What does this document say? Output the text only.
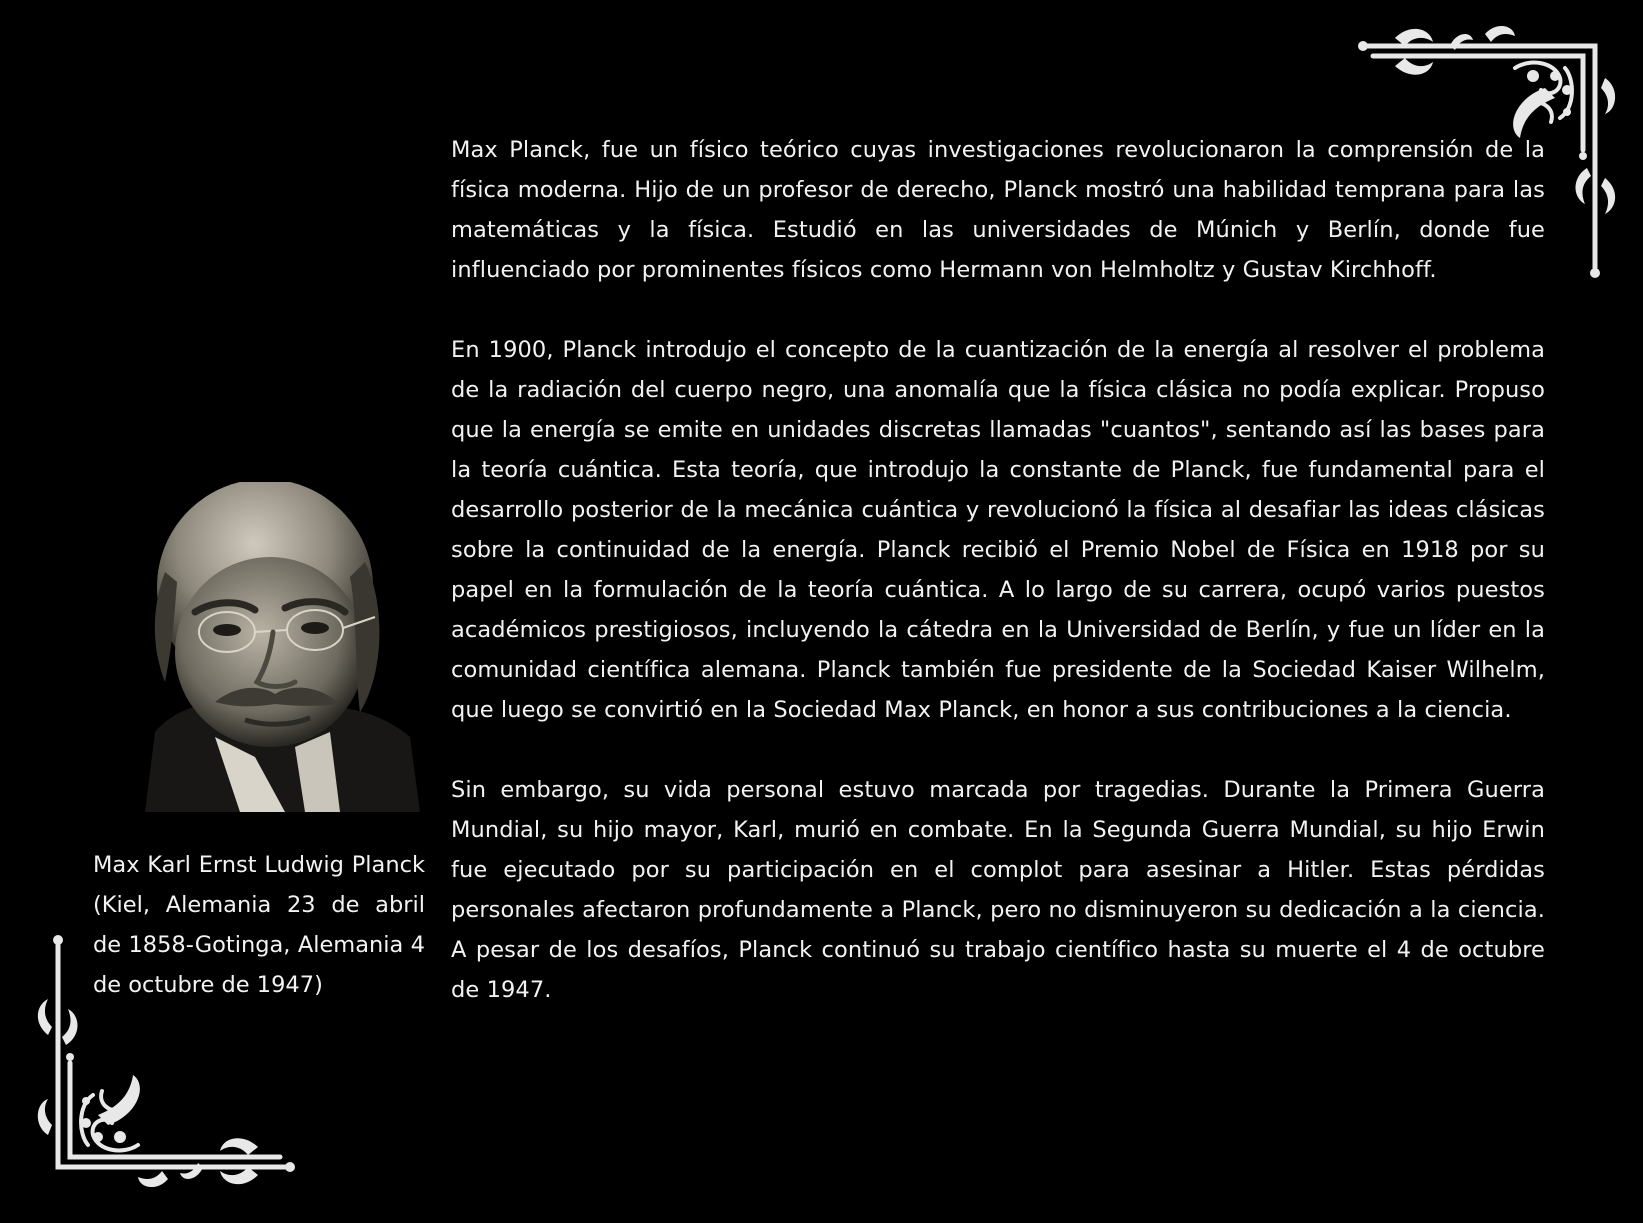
Max Karl Ernst Ludwig Planck (Kiel, Alemania 23 de abril de 1858-Gotinga, Alemania 4 de octubre de 1947)

Max Planck, fue un físico teórico cuyas investigaciones revolucionaron la comprensión de la física moderna. Hijo de un profesor de derecho, Planck mostró una habilidad temprana para las matemáticas y la física. Estudió en las universidades de Múnich y Berlín, donde fue influenciado por prominentes físicos como Hermann von Helmholtz y Gustav Kirchhoff.

En 1900, Planck introdujo el concepto de la cuantización de la energía al resolver el problema de la radiación del cuerpo negro, una anomalía que la física clásica no podía explicar. Propuso que la energía se emite en unidades discretas llamadas "cuantos", sentando así las bases para la teoría cuántica. Esta teoría, que introdujo la constante de Planck, fue fundamental para el desarrollo posterior de la mecánica cuántica y revolucionó la física al desafiar las ideas clásicas sobre la continuidad de la energía. Planck recibió el Premio Nobel de Física en 1918 por su papel en la formulación de la teoría cuántica. A lo largo de su carrera, ocupó varios puestos académicos prestigiosos, incluyendo la cátedra en la Universidad de Berlín, y fue un líder en la comunidad científica alemana. Planck también fue presidente de la Sociedad Kaiser Wilhelm, que luego se convirtió en la Sociedad Max Planck, en honor a sus contribuciones a la ciencia.

Sin embargo, su vida personal estuvo marcada por tragedias. Durante la Primera Guerra Mundial, su hijo mayor, Karl, murió en combate. En la Segunda Guerra Mundial, su hijo Erwin fue ejecutado por su participación en el complot para asesinar a Hitler. Estas pérdidas personales afectaron profundamente a Planck, pero no disminuyeron su dedicación a la ciencia. A pesar de los desafíos, Planck continuó su trabajo científico hasta su muerte el 4 de octubre de 1947.
